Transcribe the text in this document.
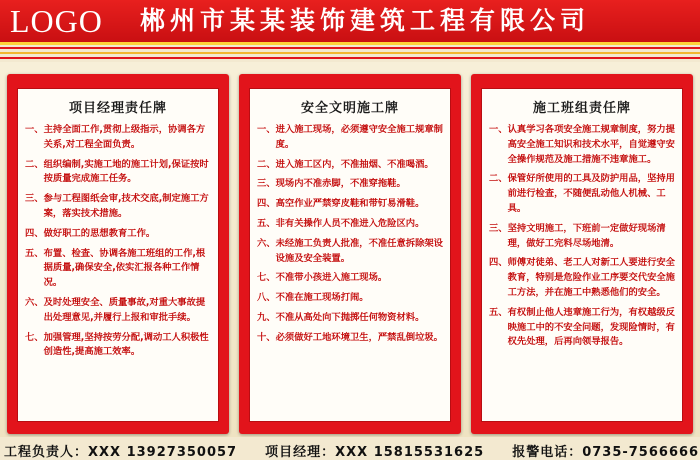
LOGO 郴州市某某装饰建筑工程有限公司
项目经理责任牌
一、 主持全面工作,贯彻上级指示，协调各方关系,对工程全面负责。
二、 组织编制,实施工地的施工计划,保证按时按质量完成施工任务。
三、 参与工程图纸会审,技术交底,制定施工方案，落实技术措施。
四、 做好职工的思想教育工作。
五、 布置、检查、协调各施工班组的工作,根据质量,确保安全,依实汇报各种工作情况。
六、 及时处理安全、质量事故,对重大事故提出处理意见,并履行上报和审批手续。
七、 加强管理,坚持按劳分配,调动工人积极性创造性,提高施工效率。
安全文明施工牌
一、 进入施工现场，必须遵守安全施工规章制度。
二、 进入施工区内，不准抽烟、不准喝酒。
三、 现场内不准赤脚，不准穿拖鞋。
四、 高空作业严禁穿皮鞋和带钉易滑鞋。
五、 非有关操作人员不准进入危险区内。
六、 未经施工负责人批准，不准任意拆除架设设施及安全装置。
七、 不准带小孩进入施工现场。
八、 不准在施工现场打闹。
九、 不准从高处向下抛掷任何物资材料。
十、 必须做好工地环境卫生，严禁乱倒垃圾。
施工班组责任牌
一、 认真学习各项安全施工规章制度，努力提高安全施工知识和技术水平，自觉遵守安全操作规范及施工措施不违章施工。
二、 保管好所使用的工具及防护用品，坚持用前进行检查，不随便乱动他人机械、工具。
三、 坚持文明施工，下班前一定做好现场清理，做好工完料尽场地清。
四、 师傅对徒弟、老工人对新工人要进行安全教育，特别是危险作业工序要交代安全施工方法，并在施工中熟悉他们的安全。
五、 有权制止他人违章施工行为，有权越级反映施工中的不安全问题，发现险情时，有权先处理，后再向领导报告。
工程负责人：XXX 13927350057　　项目经理：XXX 15815531625　　报警电话：0735-7566666
